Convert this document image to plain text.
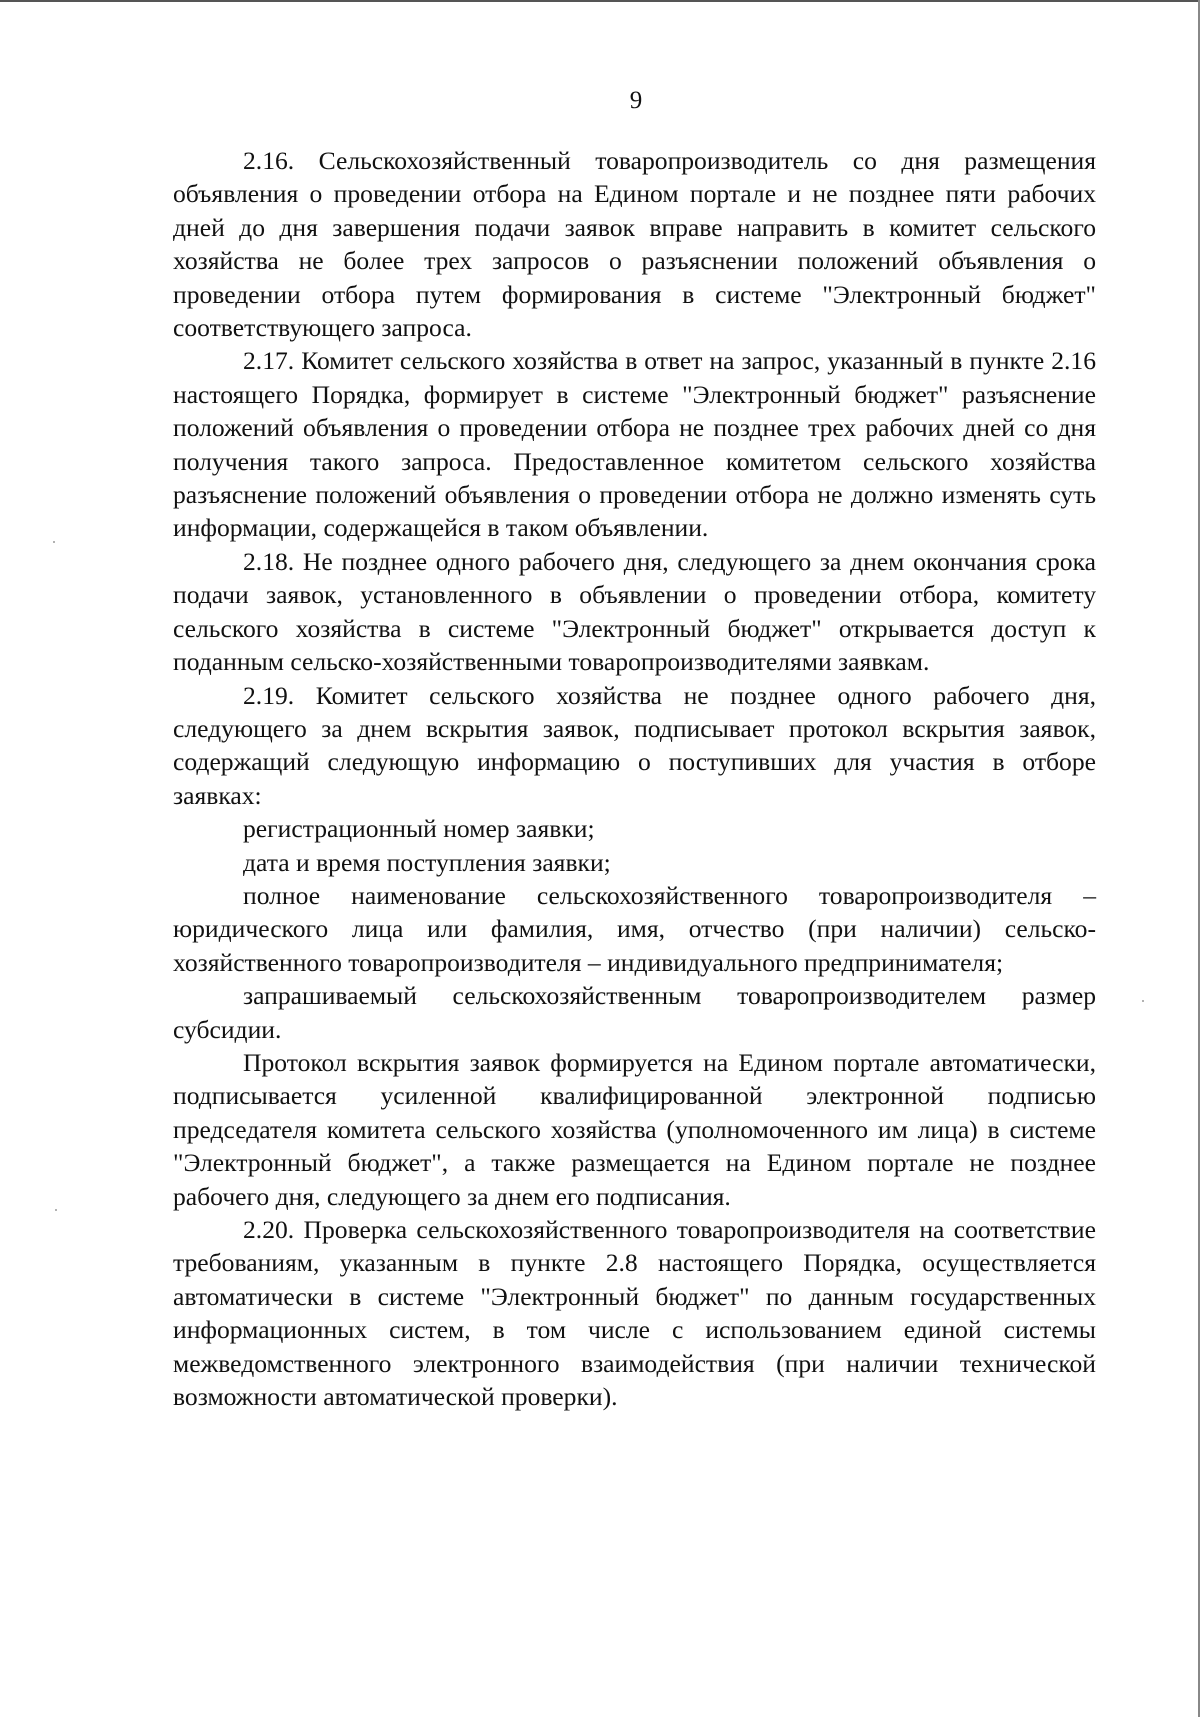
9

2.16. Сельскохозяйственный товаропроизводитель со дня размещения объявления о проведении отбора на Едином портале и не позднее пяти рабочих дней до дня завершения подачи заявок вправе направить в комитет сельского хозяйства не более трех запросов о разъяснении положений объявления о проведении отбора путем формирования в системе "Электронный бюджет" соответствующего запроса.

2.17. Комитет сельского хозяйства в ответ на запрос, указанный в пункте 2.16 настоящего Порядка, формирует в системе "Электронный бюджет" разъяснение положений объявления о проведении отбора не позднее трех рабочих дней со дня получения такого запроса. Предоставленное комитетом сельского хозяйства разъяснение положений объявления о проведении отбора не должно изменять суть информации, содержащейся в таком объявлении.

2.18. Не позднее одного рабочего дня, следующего за днем окончания срока подачи заявок, установленного в объявлении о проведении отбора, комитету сельского хозяйства в системе "Электронный бюджет" открывается доступ к поданным сельско-хозяйственными товаропроизводителями заявкам.

2.19. Комитет сельского хозяйства не позднее одного рабочего дня, следующего за днем вскрытия заявок, подписывает протокол вскрытия заявок, содержащий следующую информацию о поступивших для участия в отборе заявках:

регистрационный номер заявки;

дата и время поступления заявки;

полное наименование сельскохозяйственного товаропроизводителя – юридического лица или фамилия, имя, отчество (при наличии) сельско-хозяйственного товаропроизводителя – индивидуального предпринимателя;

запрашиваемый сельскохозяйственным товаропроизводителем размер субсидии.

Протокол вскрытия заявок формируется на Едином портале автоматически, подписывается усиленной квалифицированной электронной подписью председателя комитета сельского хозяйства (уполномоченного им лица) в системе "Электронный бюджет", а также размещается на Едином портале не позднее рабочего дня, следующего за днем его подписания.

2.20. Проверка сельскохозяйственного товаропроизводителя на соответствие требованиям, указанным в пункте 2.8 настоящего Порядка, осуществляется автоматически в системе "Электронный бюджет" по данным государственных информационных систем, в том числе с использованием единой системы межведомственного электронного взаимодействия (при наличии технической возможности автоматической проверки).
